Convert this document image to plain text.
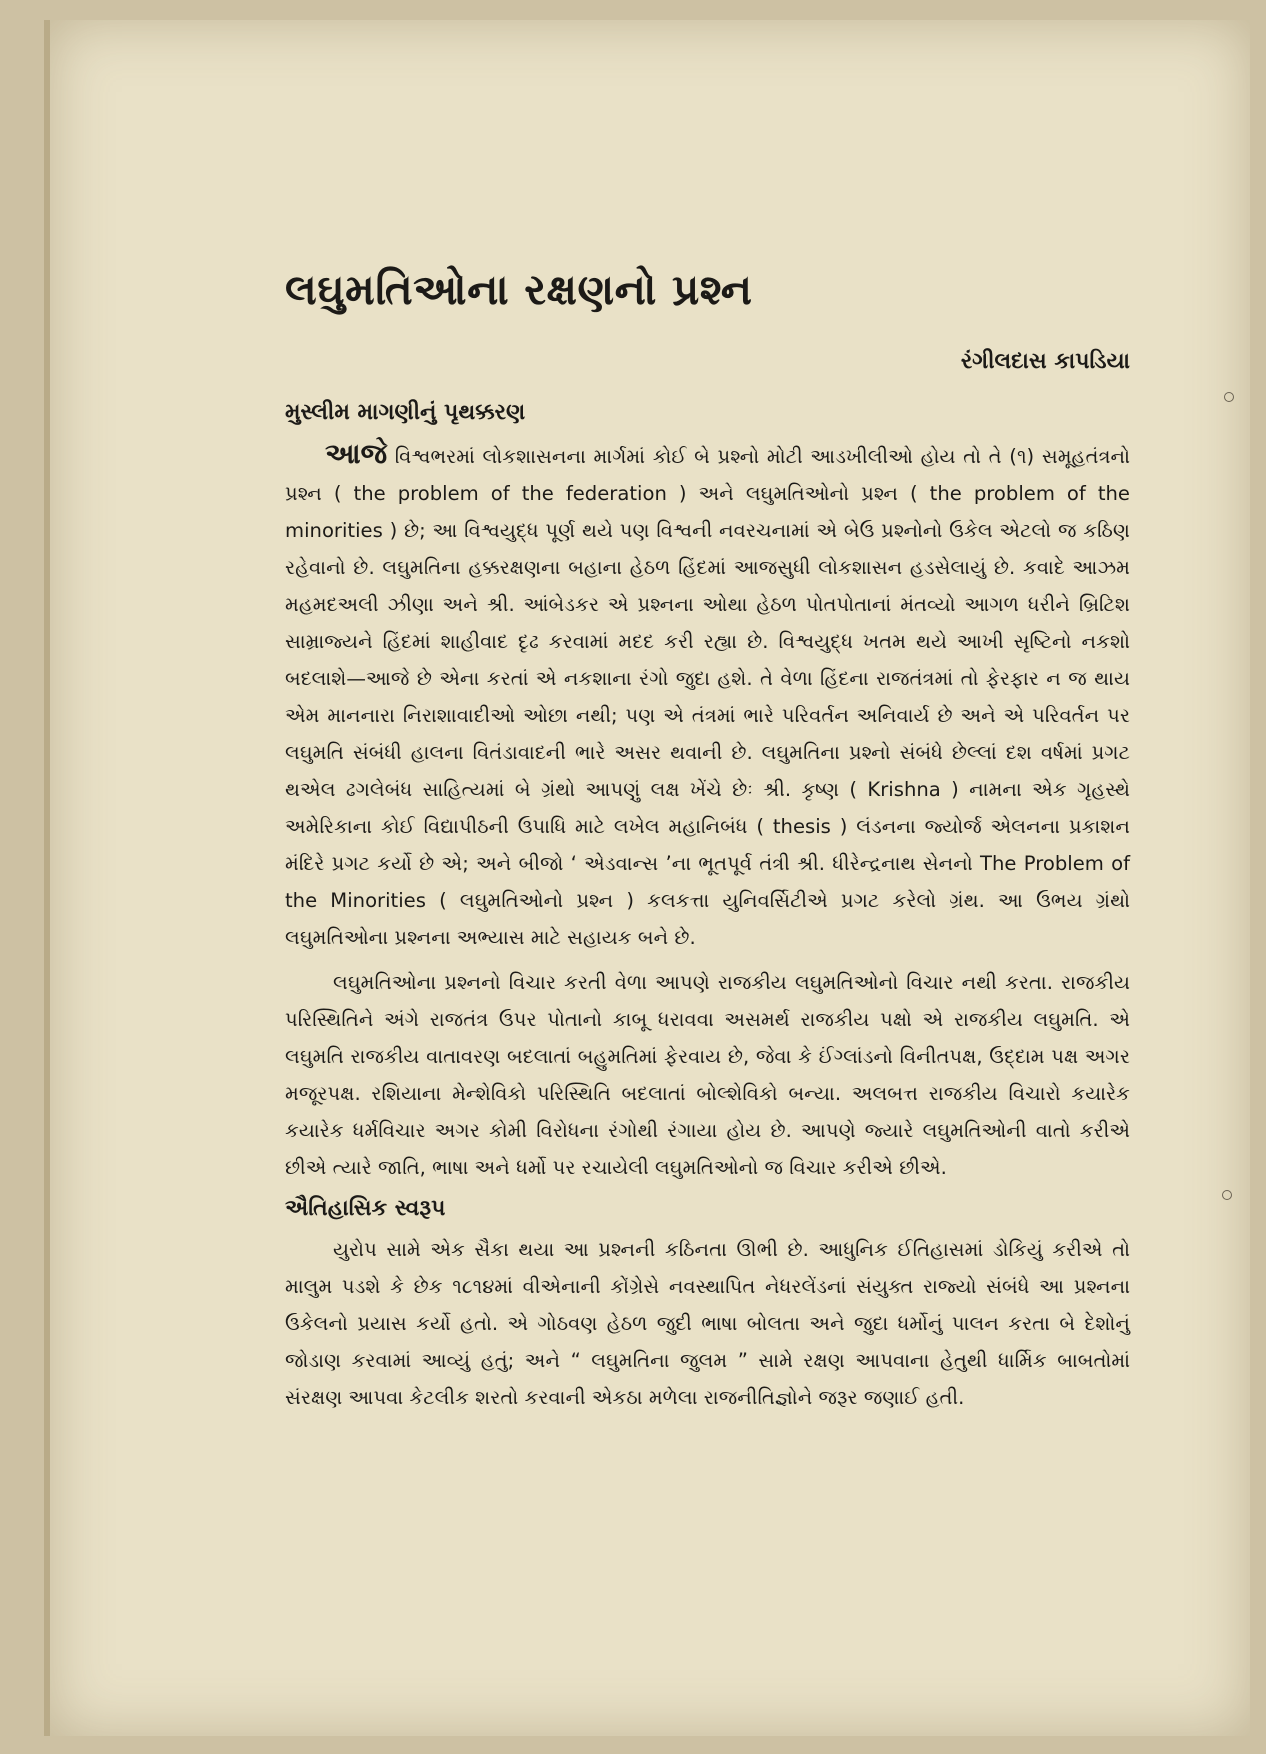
લઘુમતિઓના રક્ષણનો પ્રશ્ન
રંગીલદાસ કાપડિયા
મુસ્લીમ માગણીનું પૃથક્કરણ

આજે વિશ્વભરમાં લોકશાસનના માર્ગમાં કોઈ બે પ્રશ્નો મોટી આડખીલીઓ હોય તો તે (૧) સમૂહતંત્રનો પ્રશ્ન ( the problem of the federation ) અને લઘુમતિઓનો પ્રશ્ન ( the problem of the minorities ) છે; આ વિશ્વયુદ્ધ પૂર્ણ થયે પણ વિશ્વની નવરચનામાં એ બેઉ પ્રશ્નોનો ઉકેલ એટલો જ કઠિણ રહેવાનો છે. લઘુમતિના હક્કરક્ષણના બહાના હેઠળ હિંદમાં આજસુધી લોકશાસન હડસેલાયું છે. કવાદે આઝમ મહમદઅલી ઝીણા અને શ્રી. આંબેડકર એ પ્રશ્નના ઓથા હેઠળ પોતપોતાનાં મંતવ્યો આગળ ધરીને બ્રિટિશ સામ્રાજ્યને હિંદમાં શાહીવાદ દૃઢ કરવામાં મદદ કરી રહ્યા છે. વિશ્વયુદ્ધ ખતમ થયે આખી સૃષ્ટિનો નકશો બદલાશે—આજે છે એના કરતાં એ નકશાના રંગો જુદા હશે. તે વેળા હિંદના રાજતંત્રમાં તો ફેરફાર ન જ થાય એમ માનનારા નિરાશાવાદીઓ ઓછા નથી; પણ એ તંત્રમાં ભારે પરિવર્તન અનિવાર્ય છે અને એ પરિવર્તન પર લઘુમતિ સંબંધી હાલના વિતંડાવાદની ભારે અસર થવાની છે. લઘુમતિના પ્રશ્નો સંબંધે છેલ્લાં દશ વર્ષમાં પ્રગટ થએલ ઢગલેબંધ સાહિત્યમાં બે ગ્રંથો આપણું લક્ષ ખેંચે છેઃ શ્રી. કૃષ્ણ ( Krishna ) નામના એક ગૃહસ્થે અમેરિકાના કોઈ વિદ્યાપીઠની ઉપાધિ માટે લખેલ મહાનિબંધ ( thesis ) લંડનના જ્યોર્જ એલનના પ્રકાશન મંદિરે પ્રગટ કર્યો છે એ; અને બીજો ‘ એડવાન્સ ’ના ભૂતપૂર્વ તંત્રી શ્રી. ધીરેન્દ્રનાથ સેનનો The Problem of the Minorities ( લઘુમતિઓનો પ્રશ્ન ) કલકત્તા યુનિવર્સિટીએ પ્રગટ કરેલો ગ્રંથ. આ ઉભય ગ્રંથો લઘુમતિઓના પ્રશ્નના અભ્યાસ માટે સહાયક બને છે.

લઘુમતિઓના પ્રશ્નનો વિચાર કરતી વેળા આપણે રાજકીય લઘુમતિઓનો વિચાર નથી કરતા. રાજકીય પરિસ્થિતિને અંગે રાજતંત્ર ઉપર પોતાનો કાબૂ ધરાવવા અસમર્થ રાજકીય પક્ષો એ રાજકીય લઘુમતિ. એ લઘુમતિ રાજકીય વાતાવરણ બદલાતાં બહુમતિમાં ફેરવાય છે, જેવા કે ઈંગ્લાંડનો વિનીતપક્ષ, ઉદ્દામ પક્ષ અગર મજૂરપક્ષ. રશિયાના મેન્શેવિકો પરિસ્થિતિ બદલાતાં બોલ્શેવિકો બન્યા. અલબત્ત રાજકીય વિચારો કયારેક કયારેક ધર્મવિચાર અગર કોમી વિરોધના રંગોથી રંગાયા હોય છે. આપણે જ્યારે લઘુમતિઓની વાતો કરીએ છીએ ત્યારે જાતિ, ભાષા અને ધર્મો પર રચાયેલી લઘુમતિઓનો જ વિચાર કરીએ છીએ.

ઐતિહાસિક સ્વરૂપ

યુરોપ સામે એક સૈકા થયા આ પ્રશ્નની કઠિનતા ઊભી છે. આધુનિક ઈતિહાસમાં ડોકિયું કરીએ તો માલુમ પડશે કે છેક ૧૮૧૪માં વીએનાની કોંગ્રેસે નવસ્થાપિત નેધરલેંડનાં સંયુક્ત રાજ્યો સંબંધે આ પ્રશ્નના ઉકેલનો પ્રયાસ કર્યો હતો. એ ગોઠવણ હેઠળ જુદી ભાષા બોલતા અને જુદા ધર્મોનું પાલન કરતા બે દેશોનું જોડાણ કરવામાં આવ્યું હતું; અને “ લઘુમતિના જુલમ ” સામે રક્ષણ આપવાના હેતુથી ધાર્મિક બાબતોમાં સંરક્ષણ આપવા કેટલીક શરતો કરવાની એકઠા મળેલા રાજનીતિજ્ઞોને જરૂર જણાઈ હતી.
